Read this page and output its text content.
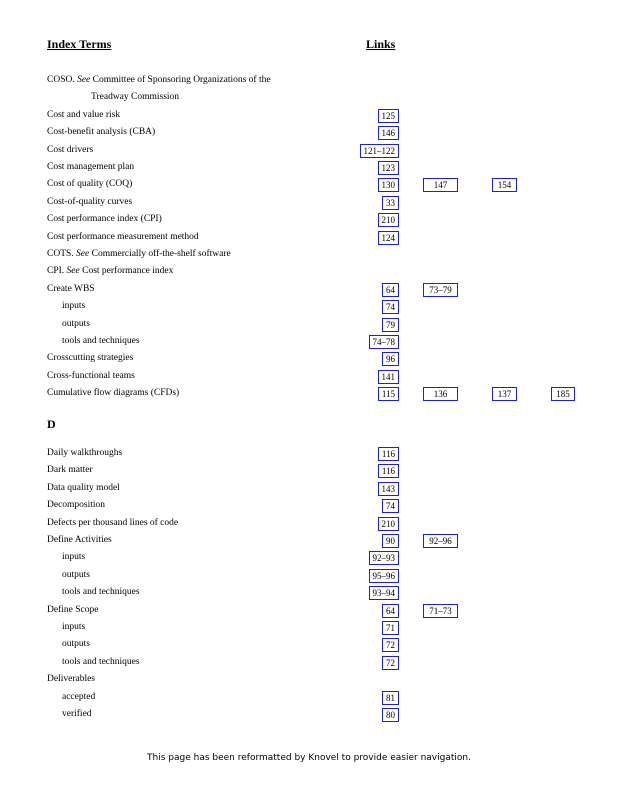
Index Terms	Links
COSO. See Committee of Sponsoring Organizations of the
Treadway Commission
Cost and value risk	125
Cost-benefit analysis (CBA)	146
Cost drivers	121–122
Cost management plan	123
Cost of quality (COQ)	130	147	154
Cost-of-quality curves	33
Cost performance index (CPI)	210
Cost performance measurement method	124
COTS. See Commercially off-the-shelf software
CPI. See Cost performance index
Create WBS	64	73–79
inputs	74
outputs	79
tools and techniques	74–78
Crosscutting strategies	96
Cross-functional teams	141
Cumulative flow diagrams (CFDs)	115	136	137	185
Daily walkthroughs	116
Dark matter	116
Data quality model	143
Decomposition	74
Defects per thousand lines of code	210
Define Activities	90	92–96
inputs	92–93
outputs	95–96
tools and techniques	93–94
Define Scope	64	71–73
inputs	71
outputs	72
tools and techniques	72
Deliverables
accepted	81
verified	80
D
This page has been reformatted by Knovel to provide easier navigation.
